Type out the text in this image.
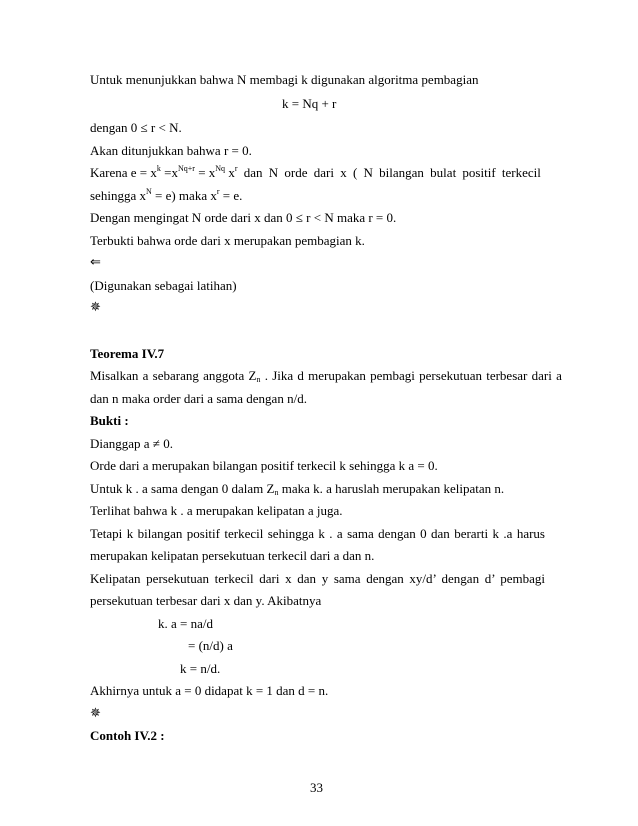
Untuk menunjukkan bahwa N membagi k digunakan algoritma pembagian
k = Nq + r
dengan 0 ≤ r < N.
Akan ditunjukkan bahwa r = 0.
Karena $e = x^k =x^{Nq+r} = x^{Nq}$ $x^r$ dan N orde dari x ( N bilangan bulat positif terkecil
sehingga $x^N = e$) maka $x^r = e$.
Dengan mengingat N orde dari x dan 0 ≤ r < N maka r = 0.
Terbukti bahwa orde dari x merupakan pembagian k.
⇐
(Digunakan sebagai latihan)
✵
Teorema IV.7
Misalkan a sebarang anggota $Z_n$ . Jika d merupakan pembagi persekutuan terbesar dari a
dan n maka order dari a sama dengan n/d.
Bukti :
Dianggap a ≠ 0.
Orde dari a merupakan bilangan positif terkecil k sehingga k a = 0.
Untuk k . a sama dengan 0 dalam $Z_n$ maka k. a haruslah merupakan kelipatan n.
Terlihat bahwa k . a merupakan kelipatan a juga.
Tetapi k bilangan positif terkecil sehingga k . a sama dengan 0 dan berarti k .a harus
merupakan kelipatan persekutuan terkecil dari a dan n.
Kelipatan persekutuan terkecil dari x dan y sama dengan xy/d’ dengan d’ pembagi
persekutuan terbesar dari x dan y. Akibatnya
k. a = na/d
= (n/d) a
k = n/d.
Akhirnya untuk a = 0 didapat k = 1 dan d = n.
✵
Contoh IV.2 :
33
